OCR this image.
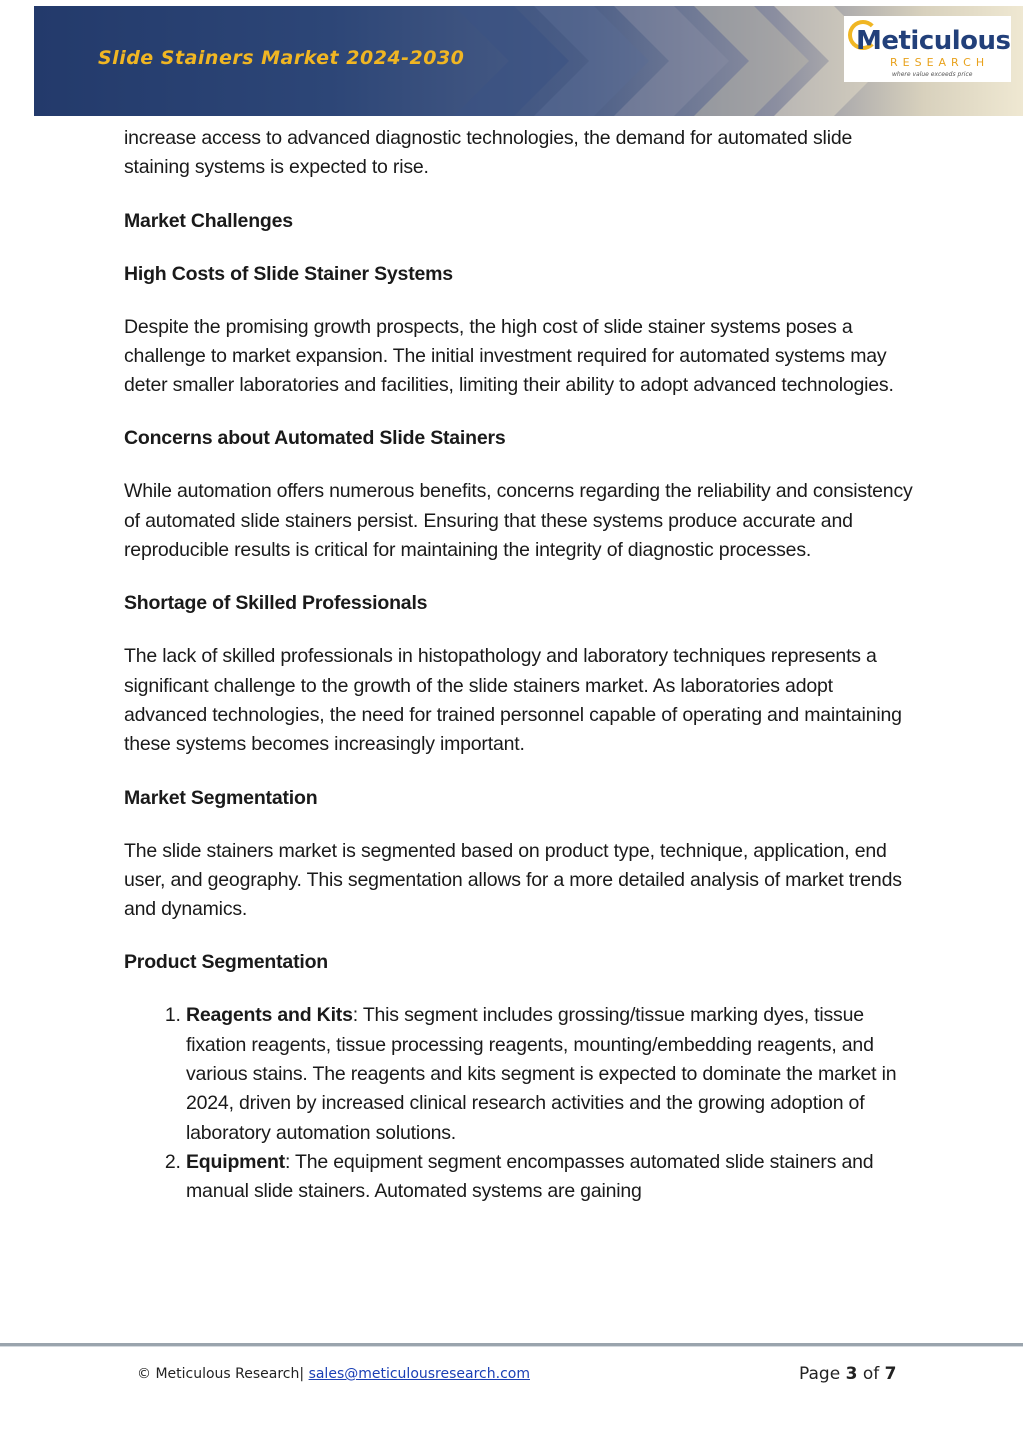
Slide Stainers Market 2024-2030
Meticulous
RESEARCH
where value exceeds price

increase access to advanced diagnostic technologies, the demand for automated slide staining systems is expected to rise.

Market Challenges
High Costs of Slide Stainer Systems

Despite the promising growth prospects, the high cost of slide stainer systems poses a challenge to market expansion. The initial investment required for automated systems may deter smaller laboratories and facilities, limiting their ability to adopt advanced technologies.

Concerns about Automated Slide Stainers

While automation offers numerous benefits, concerns regarding the reliability and consistency of automated slide stainers persist. Ensuring that these systems produce accurate and reproducible results is critical for maintaining the integrity of diagnostic processes.

Shortage of Skilled Professionals

The lack of skilled professionals in histopathology and laboratory techniques represents a significant challenge to the growth of the slide stainers market. As laboratories adopt advanced technologies, the need for trained personnel capable of operating and maintaining these systems becomes increasingly important.

Market Segmentation

The slide stainers market is segmented based on product type, technique, application, end user, and geography. This segmentation allows for a more detailed analysis of market trends and dynamics.

Product Segmentation
1. Reagents and Kits: This segment includes grossing/tissue marking dyes, tissue fixation reagents, tissue processing reagents, mounting/embedding reagents, and various stains. The reagents and kits segment is expected to dominate the market in 2024, driven by increased clinical research activities and the growing adoption of laboratory automation solutions.
2. Equipment: The equipment segment encompasses automated slide stainers and manual slide stainers. Automated systems are gaining
© Meticulous Research| sales@meticulousresearch.com	Page 3 of 7
